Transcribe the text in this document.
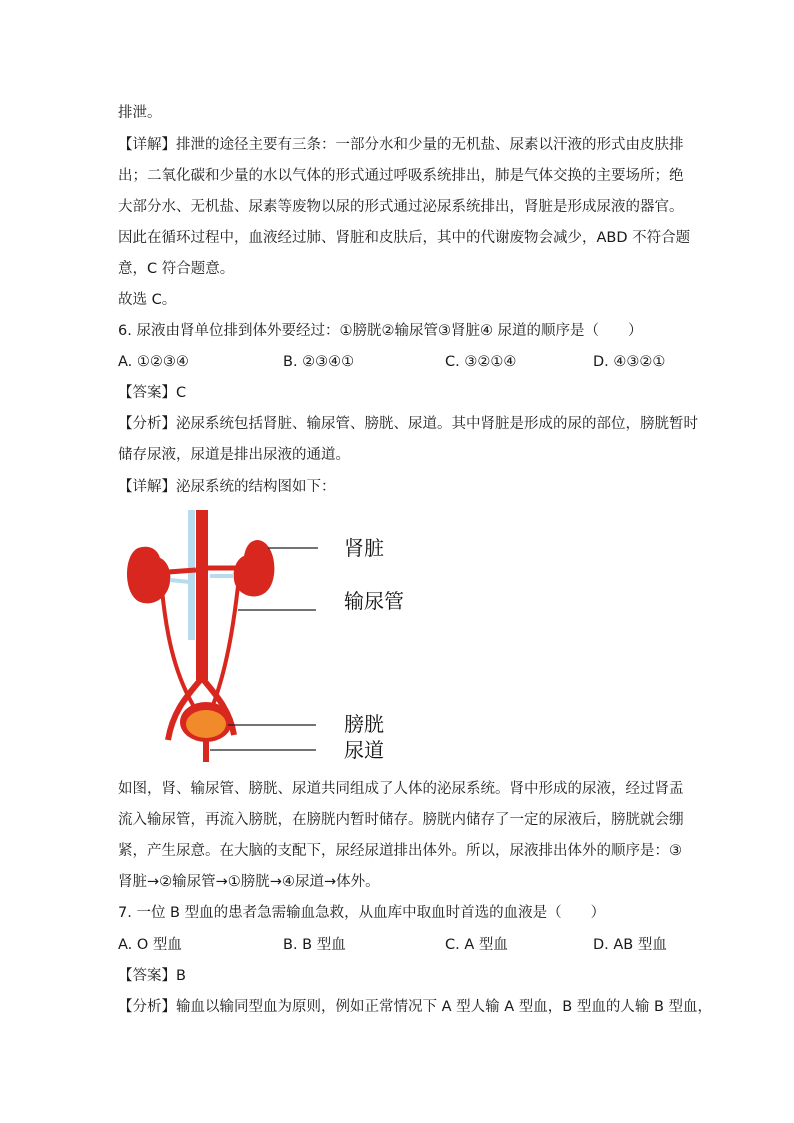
排泄。
【详解】排泄的途径主要有三条：一部分水和少量的无机盐、尿素以汗液的形式由皮肤排
出；二氧化碳和少量的水以气体的形式通过呼吸系统排出，肺是气体交换的主要场所；绝
大部分水、无机盐、尿素等废物以尿的形式通过泌尿系统排出，肾脏是形成尿液的器官。
因此在循环过程中，血液经过肺、肾脏和皮肤后，其中的代谢废物会减少，ABD 不符合题
意，C 符合题意。
故选 C。
6. 尿液由肾单位排到体外要经过：①膀胱②输尿管③肾脏④ 尿道的顺序是（　　）
A. ①②③④	B. ②③④①	C. ③②①④	D. ④③②①
【答案】C
【分析】泌尿系统包括肾脏、输尿管、膀胱、尿道。其中肾脏是形成的尿的部位，膀胱暂时
储存尿液，尿道是排出尿液的通道。
【详解】泌尿系统的结构图如下：
肾脏
输尿管
膀胱
尿道
如图，肾、输尿管、膀胱、尿道共同组成了人体的泌尿系统。肾中形成的尿液，经过肾盂
流入输尿管，再流入膀胱，在膀胱内暂时储存。膀胱内储存了一定的尿液后，膀胱就会绷
紧，产生尿意。在大脑的支配下，尿经尿道排出体外。所以，尿液排出体外的顺序是：③
肾脏→②输尿管→①膀胱→④尿道→体外。
7. 一位 B 型血的患者急需输血急救，从血库中取血时首选的血液是（　　）
A. O 型血	B. B 型血	C. A 型血	D. AB 型血
【答案】B
【分析】输血以输同型血为原则，例如正常情况下 A 型人输 A 型血，B 型血的人输 B 型血，
